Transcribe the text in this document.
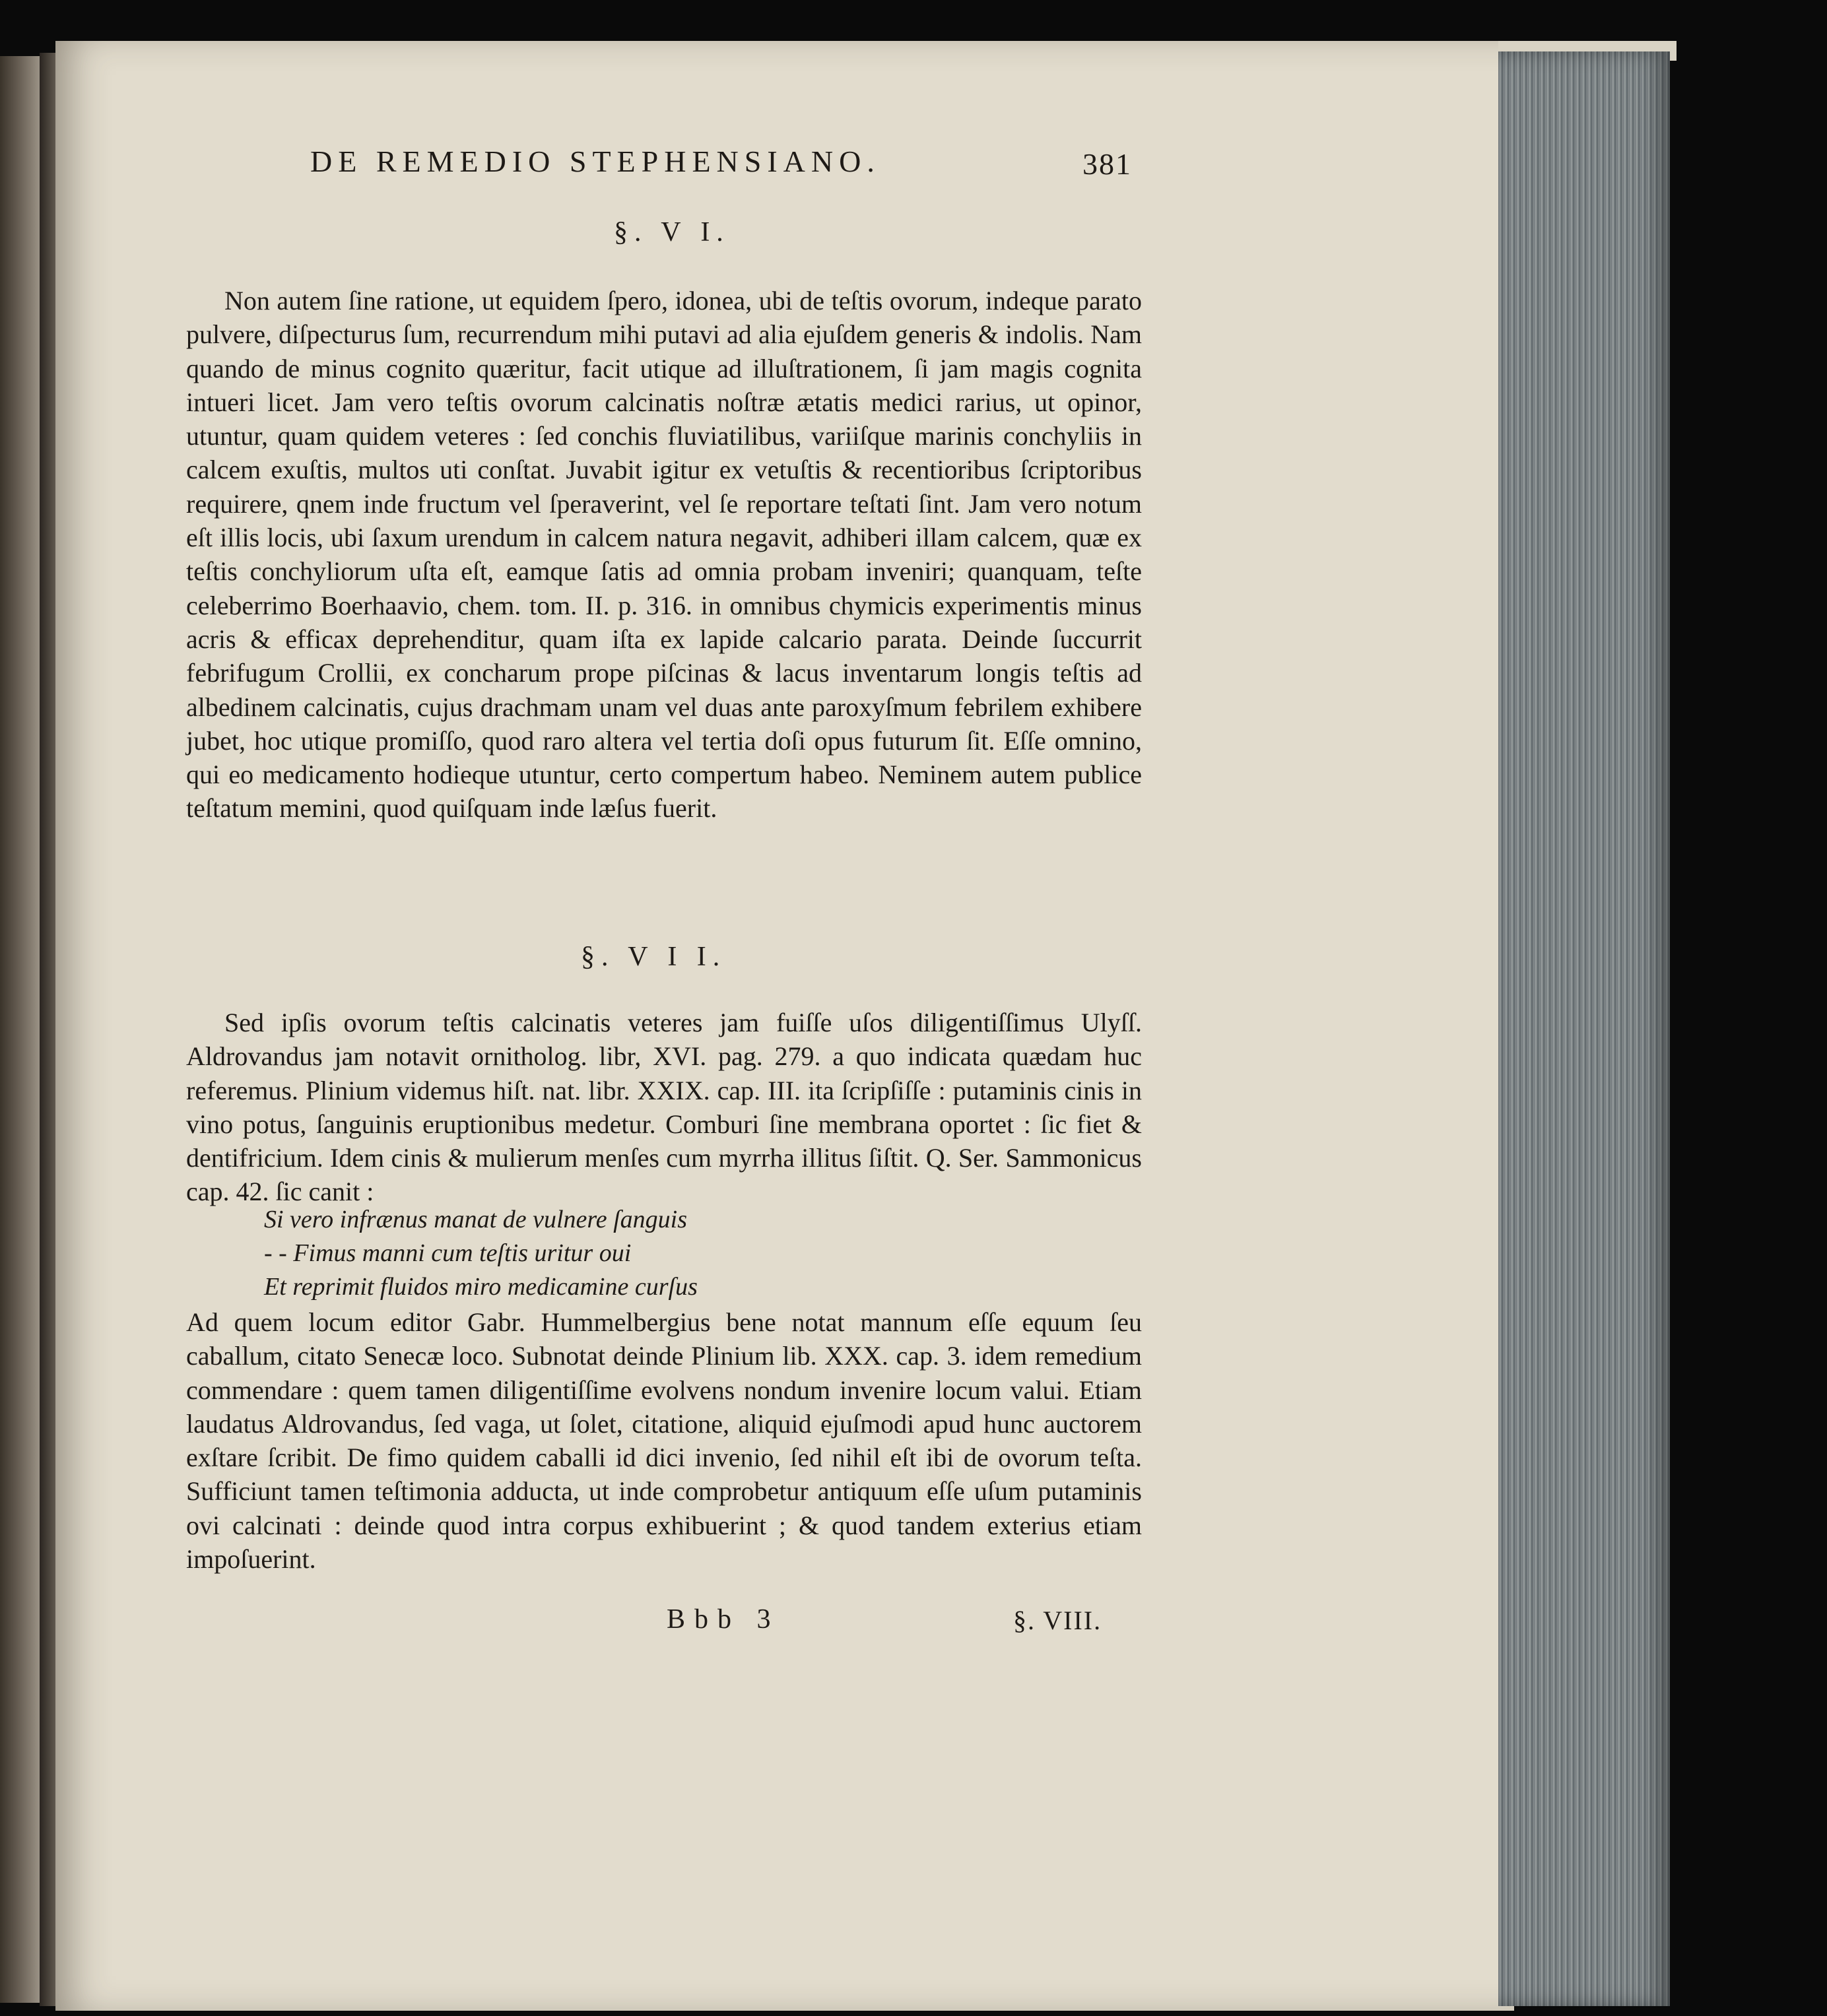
DE REMEDIO STEPHENSIANO.	381
§. V I.
Non autem ſine ratione, ut equidem ſpero, idonea, ubi de teſtis ovorum, indeque parato pulvere, diſpecturus ſum, recurrendum mihi putavi ad alia ejuſdem generis & indolis. Nam quando de minus cognito quæritur, facit utique ad illuſtrationem, ſi jam magis cognita intueri licet. Jam vero teſtis ovorum calcinatis noſtræ ætatis medici rarius, ut opinor, utuntur, quam quidem veteres : ſed conchis fluviatilibus, variiſque marinis conchyliis in calcem exuſtis, multos uti conſtat. Juvabit igitur ex vetuſtis & recentioribus ſcriptoribus requirere, qnem inde fructum vel ſperaverint, vel ſe reportare teſtati ſint. Jam vero notum eſt illis locis, ubi ſaxum urendum in calcem natura negavit, adhiberi illam calcem, quæ ex teſtis conchyliorum uſta eſt, eamque ſatis ad omnia probam inveniri; quanquam, teſte celeberrimo Boerhaavio, chem. tom. II. p. 316. in omnibus chymicis experimentis minus acris & efficax deprehenditur, quam iſta ex lapide calcario parata. Deinde ſuccurrit febrifugum Crollii, ex concharum prope piſcinas & lacus inventarum longis teſtis ad albedinem calcinatis, cujus drachmam unam vel duas ante paroxyſmum febrilem exhibere jubet, hoc utique promiſſo, quod raro altera vel tertia doſi opus futurum ſit. Eſſe omnino, qui eo medicamento hodieque utuntur, certo compertum habeo. Neminem autem publice teſtatum memini, quod quiſquam inde læſus fuerit.
§. V I I.
Sed ipſis ovorum teſtis calcinatis veteres jam fuiſſe uſos diligentiſſimus Ulyſſ. Aldrovandus jam notavit ornitholog. libr, XVI. pag. 279. a quo indicata quædam huc referemus. Plinium videmus hiſt. nat. libr. XXIX. cap. III. ita ſcripſiſſe : putaminis cinis in vino potus, ſanguinis eruptionibus medetur. Comburi ſine membrana oportet : ſic fiet & dentifricium. Idem cinis & mulierum menſes cum myrrha illitus ſiſtit. Q. Ser. Sammonicus cap. 42. ſic canit :
Si vero infrænus manat de vulnere ſanguis
- - Fimus manni cum teſtis uritur oui
Et reprimit fluidos miro medicamine curſus
Ad quem locum editor Gabr. Hummelbergius bene notat mannum eſſe equum ſeu caballum, citato Senecæ loco. Subnotat deinde Plinium lib. XXX. cap. 3. idem remedium commendare : quem tamen diligentiſſime evolvens nondum invenire locum valui. Etiam laudatus Aldrovandus, ſed vaga, ut ſolet, citatione, aliquid ejuſmodi apud hunc auctorem exſtare ſcribit. De fimo quidem caballi id dici invenio, ſed nihil eſt ibi de ovorum teſta. Sufficiunt tamen teſtimonia adducta, ut inde comprobetur antiquum eſſe uſum putaminis ovi calcinati : deinde quod intra corpus exhibuerint ; & quod tandem exterius etiam impoſuerint.
Bbb 3	§. VIII.
